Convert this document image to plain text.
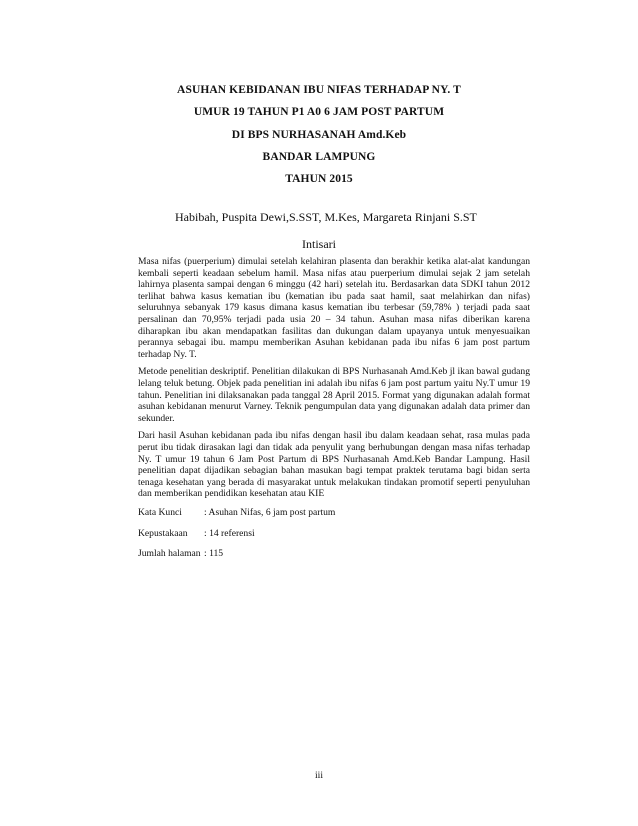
ASUHAN KEBIDANAN IBU NIFAS TERHADAP NY. T
UMUR 19 TAHUN P1 A0 6 JAM POST PARTUM
DI BPS NURHASANAH Amd.Keb
BANDAR LAMPUNG
TAHUN 2015
Habibah, Puspita Dewi,S.SST, M.Kes, Margareta Rinjani S.ST
Intisari

Masa nifas (puerperium) dimulai setelah kelahiran plasenta dan berakhir ketika alat-alat kandungan kembali seperti keadaan sebelum hamil. Masa nifas atau puerperium dimulai sejak 2 jam setelah lahirnya plasenta sampai dengan 6 minggu (42 hari) setelah itu. Berdasarkan data SDKI tahun 2012 terlihat bahwa kasus kematian ibu (kematian ibu pada saat hamil, saat melahirkan dan nifas) seluruhnya sebanyak 179 kasus dimana kasus kematian ibu terbesar (59,78% ) terjadi pada saat persalinan dan 70,95% terjadi pada usia 20 – 34 tahun. Asuhan masa nifas diberikan karena diharapkan ibu akan mendapatkan fasilitas dan dukungan dalam upayanya untuk menyesuaikan perannya sebagai ibu. mampu memberikan Asuhan kebidanan pada ibu nifas 6 jam post partum terhadap Ny. T.

Metode penelitian deskriptif. Penelitian dilakukan di BPS Nurhasanah Amd.Keb jl ikan bawal gudang lelang teluk betung. Objek pada penelitian ini adalah ibu nifas 6 jam post partum yaitu Ny.T umur 19 tahun. Penelitian ini dilaksanakan pada tanggal 28 April 2015. Format yang digunakan adalah format asuhan kebidanan menurut Varney. Teknik pengumpulan data yang digunakan adalah data primer dan sekunder.

Dari hasil Asuhan kebidanan pada ibu nifas dengan hasil ibu dalam keadaan sehat, rasa mulas pada perut ibu tidak dirasakan lagi dan tidak ada penyulit yang berhubungan dengan masa nifas terhadap Ny. T umur 19 tahun 6 Jam Post Partum di BPS Nurhasanah Amd.Keb Bandar Lampung. Hasil penelitian dapat dijadikan sebagian bahan masukan bagi tempat praktek terutama bagi bidan serta tenaga kesehatan yang berada di masyarakat untuk melakukan tindakan promotif seperti penyuluhan dan memberikan pendidikan kesehatan atau KIE

Kata Kunci : Asuhan Nifas, 6 jam post partum
Kepustakaan : 14 referensi
Jumlah halaman : 115
iii
